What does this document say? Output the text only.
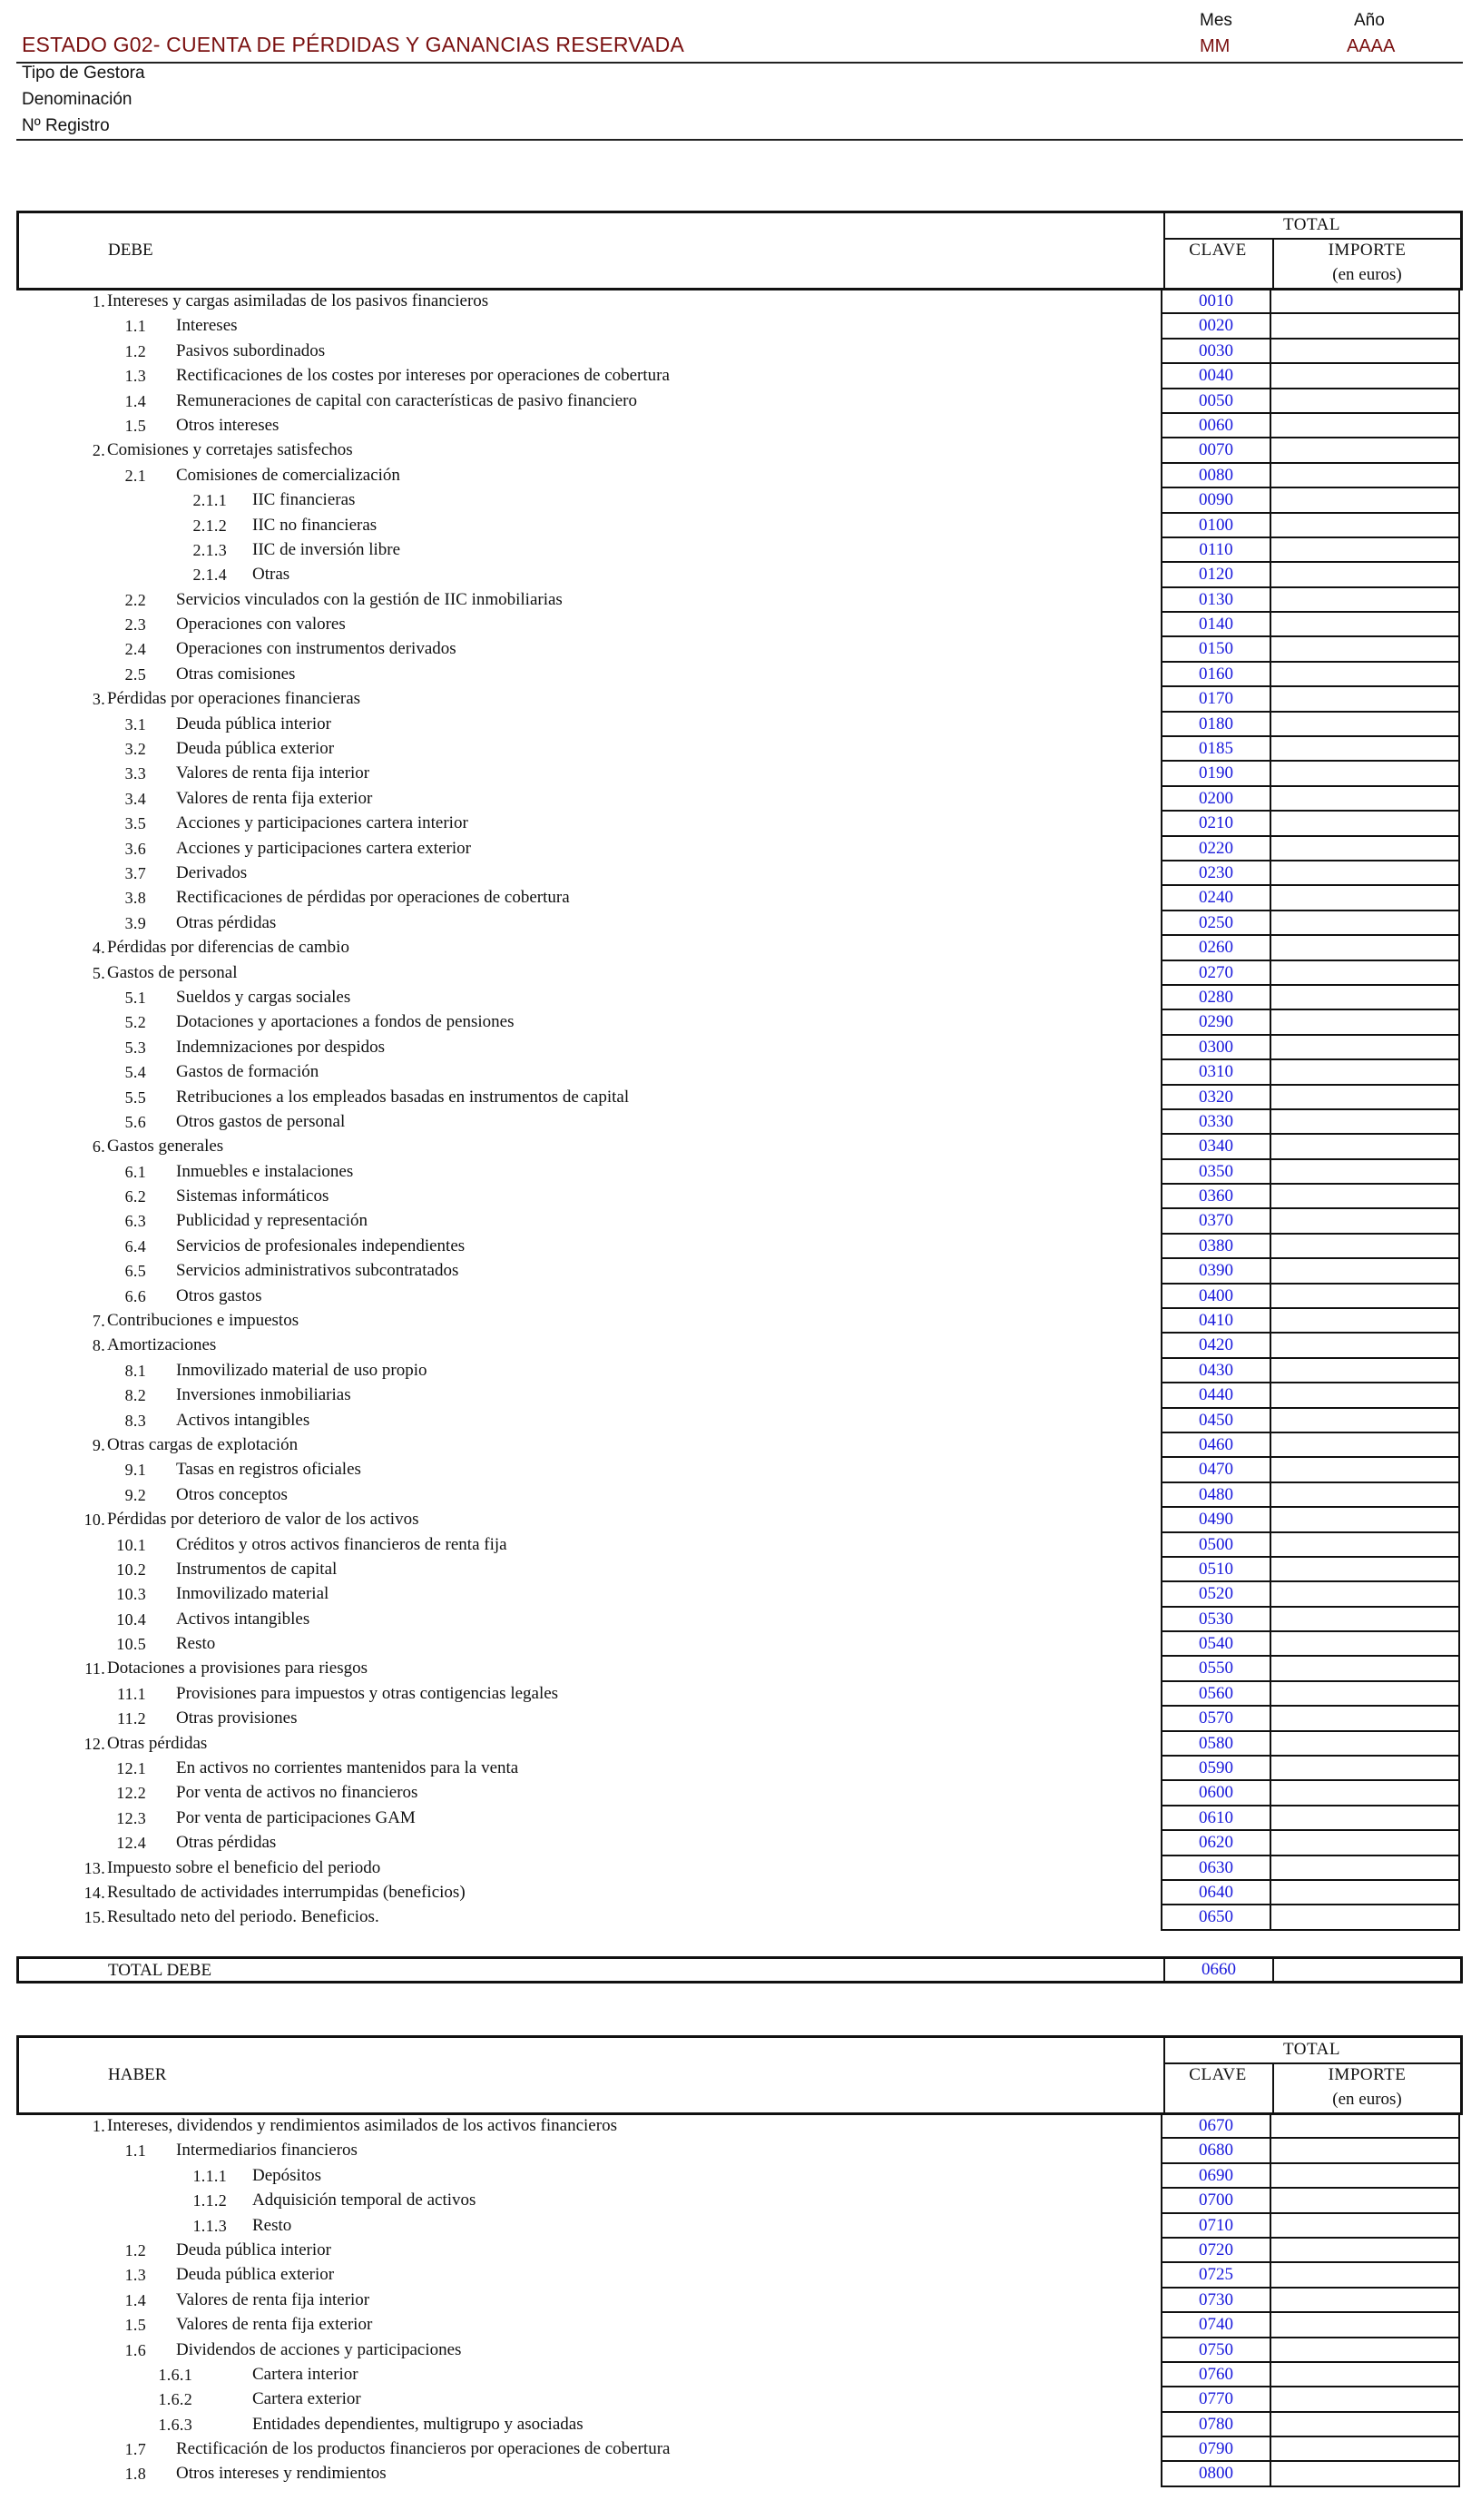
ESTADO G02- CUENTA DE PÉRDIDAS Y GANANCIAS RESERVADA
Mes	Año
MM	AAAA
Tipo de Gestora
Denominación
Nº Registro
DEBE
TOTAL
CLAVE	IMPORTE
(en euros)
1. Intereses y cargas asimiladas de los pasivos financieros	0010
1.1 Intereses	0020
1.2 Pasivos subordinados	0030
1.3 Rectificaciones de los costes por intereses por operaciones de cobertura	0040
1.4 Remuneraciones de capital con características de pasivo financiero	0050
1.5 Otros intereses	0060
2. Comisiones y corretajes satisfechos	0070
2.1 Comisiones de comercialización	0080
2.1.1 IIC financieras	0090
2.1.2 IIC no financieras	0100
2.1.3 IIC de inversión libre	0110
2.1.4 Otras	0120
2.2 Servicios vinculados con la gestión de IIC inmobiliarias	0130
2.3 Operaciones con valores	0140
2.4 Operaciones con instrumentos derivados	0150
2.5 Otras comisiones	0160
3. Pérdidas por operaciones financieras	0170
3.1 Deuda pública interior	0180
3.2 Deuda pública exterior	0185
3.3 Valores de renta fija interior	0190
3.4 Valores de renta fija exterior	0200
3.5 Acciones y participaciones cartera interior	0210
3.6 Acciones y participaciones cartera exterior	0220
3.7 Derivados	0230
3.8 Rectificaciones de pérdidas por operaciones de cobertura	0240
3.9 Otras pérdidas	0250
4. Pérdidas por diferencias de cambio	0260
5. Gastos de personal	0270
5.1 Sueldos y cargas sociales	0280
5.2 Dotaciones y aportaciones a fondos de pensiones	0290
5.3 Indemnizaciones por despidos	0300
5.4 Gastos de formación	0310
5.5 Retribuciones a los empleados basadas en instrumentos de capital	0320
5.6 Otros gastos de personal	0330
6. Gastos generales	0340
6.1 Inmuebles e instalaciones	0350
6.2 Sistemas informáticos	0360
6.3 Publicidad y representación	0370
6.4 Servicios de profesionales independientes	0380
6.5 Servicios administrativos subcontratados	0390
6.6 Otros gastos	0400
7. Contribuciones e impuestos	0410
8. Amortizaciones	0420
8.1 Inmovilizado material de uso propio	0430
8.2 Inversiones inmobiliarias	0440
8.3 Activos intangibles	0450
9. Otras cargas de explotación	0460
9.1 Tasas en registros oficiales	0470
9.2 Otros conceptos	0480
10. Pérdidas por deterioro de valor de los activos	0490
10.1 Créditos y otros activos financieros de renta fija	0500
10.2 Instrumentos de capital	0510
10.3 Inmovilizado material	0520
10.4 Activos intangibles	0530
10.5 Resto	0540
11. Dotaciones a provisiones para riesgos	0550
11.1 Provisiones para impuestos y otras contigencias legales	0560
11.2 Otras provisiones	0570
12. Otras pérdidas	0580
12.1 En activos no corrientes mantenidos para la venta	0590
12.2 Por venta de activos no financieros	0600
12.3 Por venta de participaciones GAM	0610
12.4 Otras pérdidas	0620
13. Impuesto sobre el beneficio del periodo	0630
14. Resultado de actividades interrumpidas (beneficios)	0640
15. Resultado neto del periodo. Beneficios.	0650
TOTAL DEBE	0660
HABER
TOTAL
CLAVE	IMPORTE
(en euros)
1. Intereses, dividendos y rendimientos asimilados de los activos financieros	0670
1.1 Intermediarios financieros	0680
1.1.1 Depósitos	0690
1.1.2 Adquisición temporal de activos	0700
1.1.3 Resto	0710
1.2 Deuda pública interior	0720
1.3 Deuda pública exterior	0725
1.4 Valores de renta fija interior	0730
1.5 Valores de renta fija exterior	0740
1.6 Dividendos de acciones y participaciones	0750
1.6.1	Cartera interior	0760
1.6.2	Cartera exterior	0770
1.6.3	Entidades dependientes, multigrupo y asociadas	0780
1.7 Rectificación de los productos financieros por operaciones de cobertura	0790
1.8 Otros intereses y rendimientos	0800
